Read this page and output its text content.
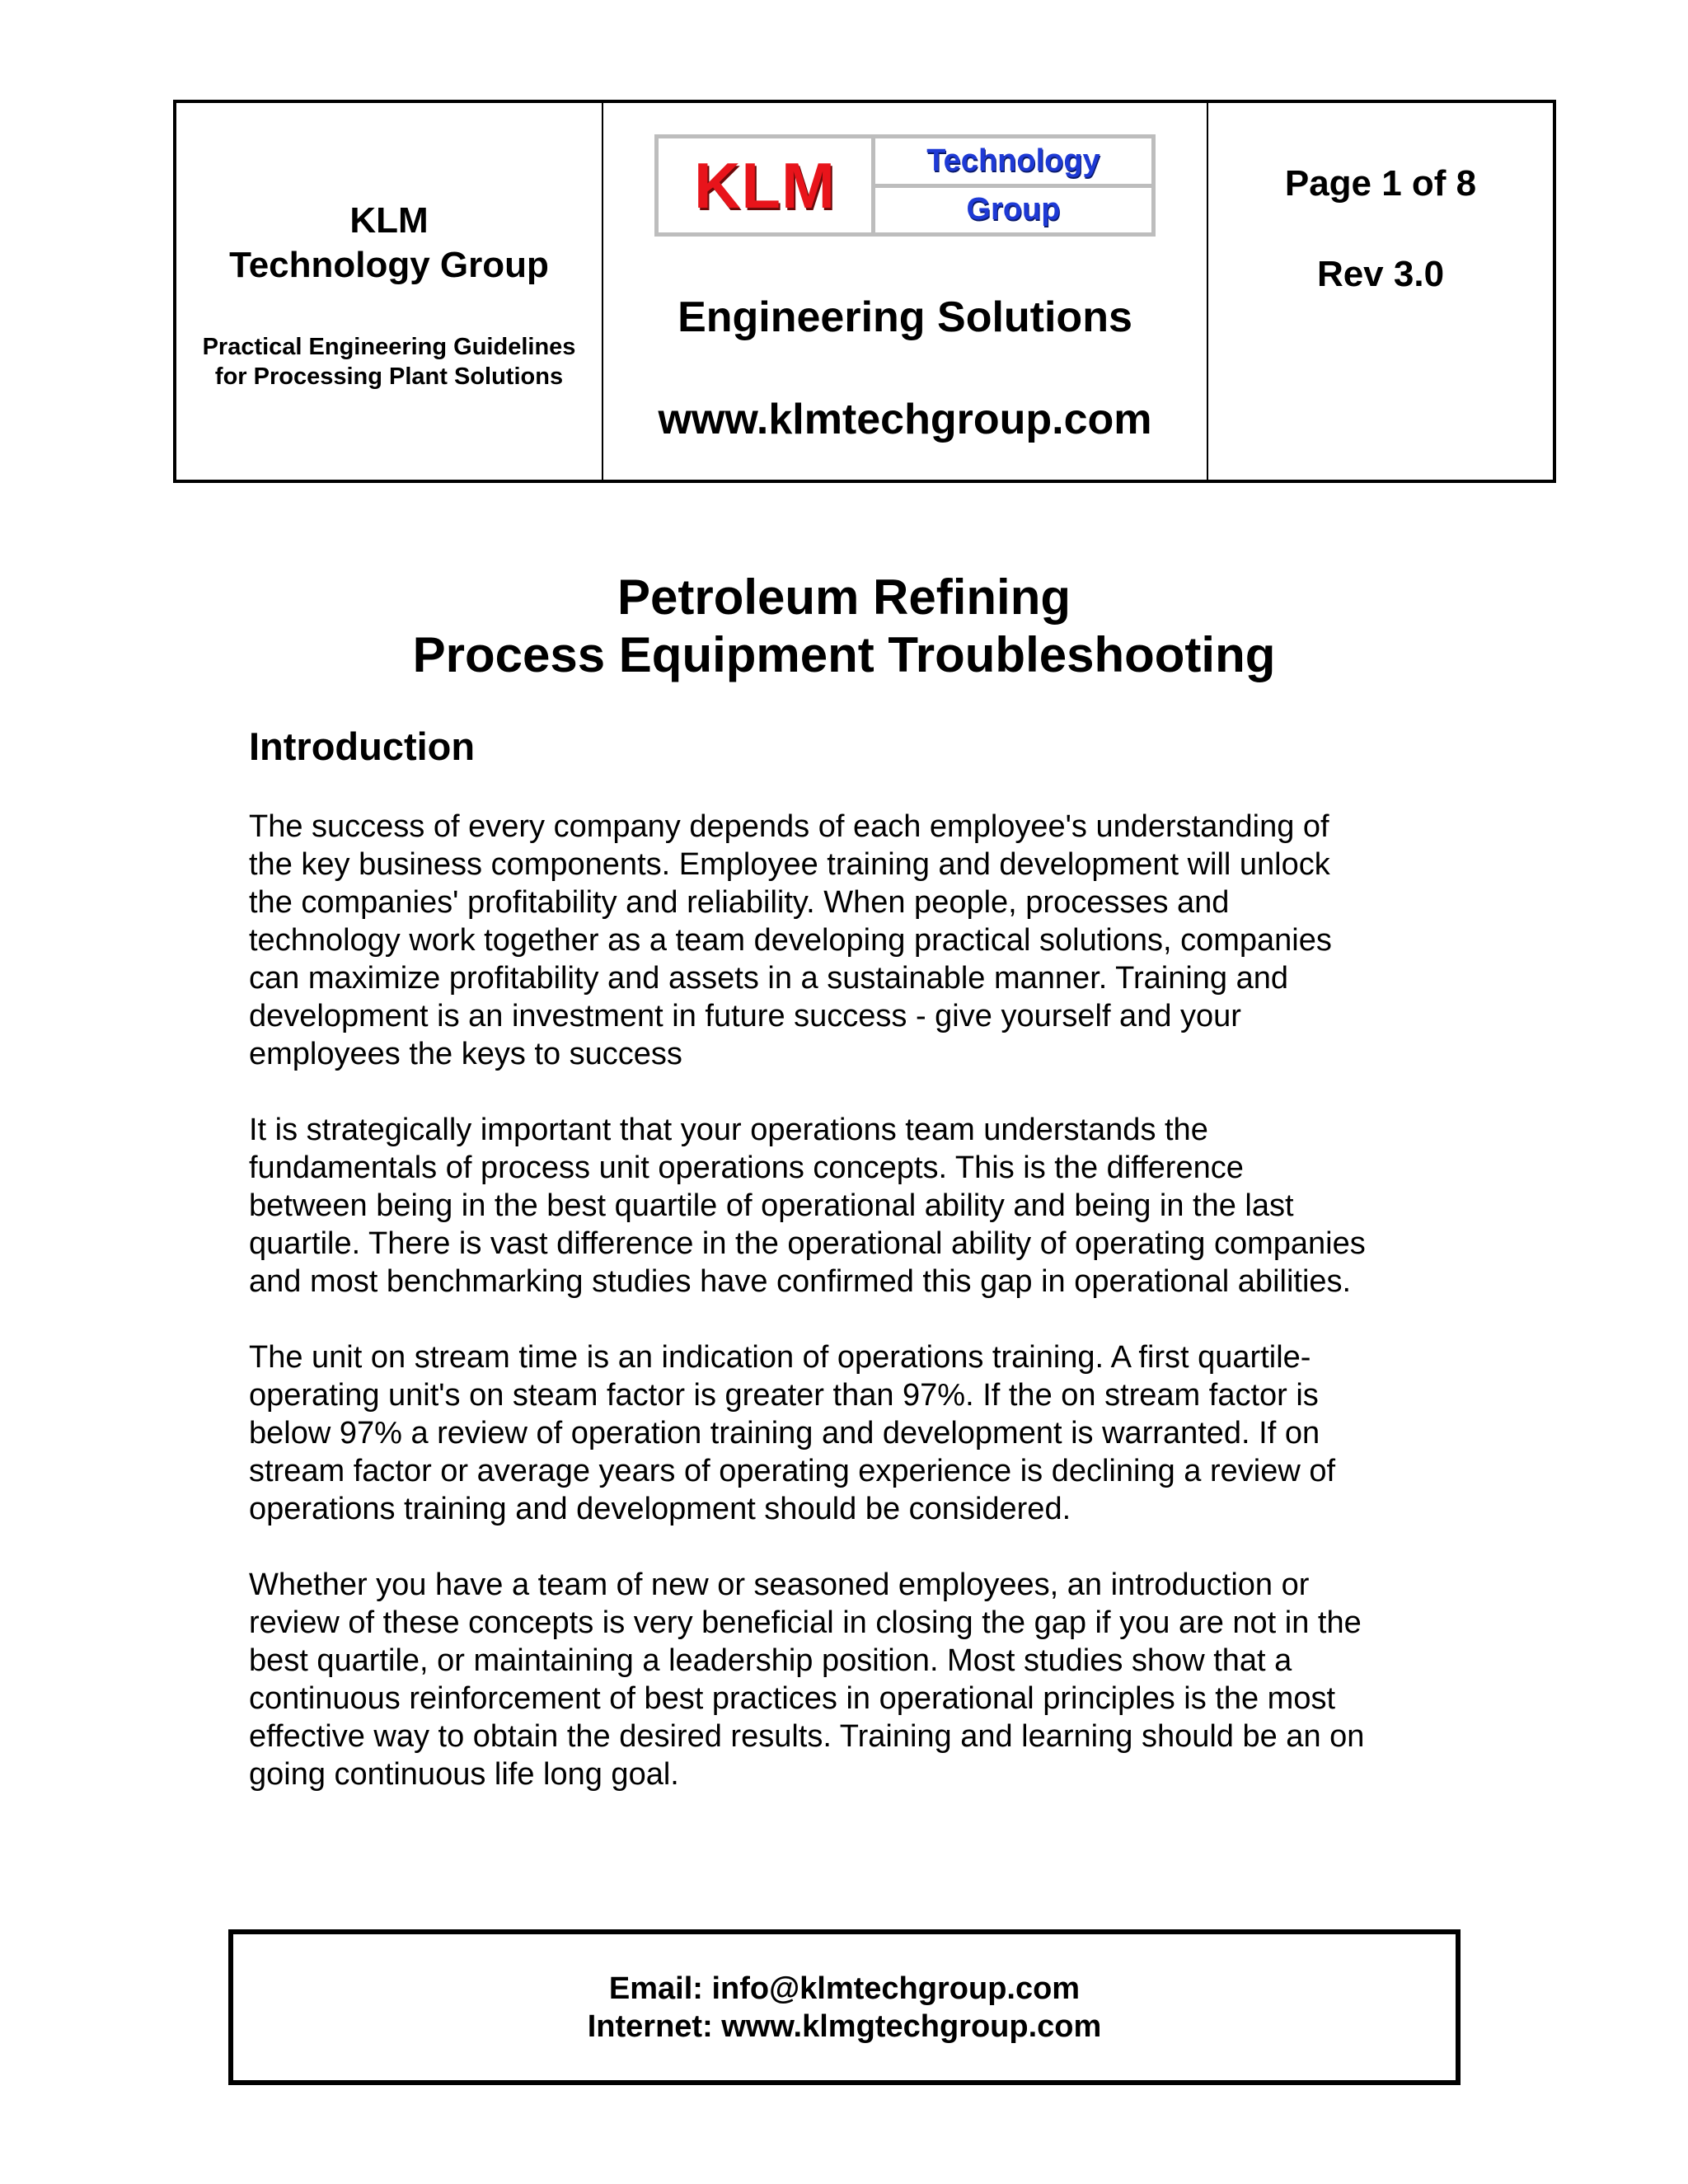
KLM
Technology Group
Practical Engineering Guidelines
for Processing Plant Solutions
KLM	Technology
Group
Engineering Solutions
www.klmtechgroup.com
Page 1 of 8
Rev 3.0
Petroleum Refining
Process Equipment Troubleshooting
Introduction

The success of every company depends of each employee's understanding of
the key business components. Employee training and development will unlock
the companies' profitability and reliability. When people, processes and
technology work together as a team developing practical solutions, companies
can maximize profitability and assets in a sustainable manner. Training and
development is an investment in future success - give yourself and your
employees the keys to success

It is strategically important that your operations team understands the
fundamentals of process unit operations concepts. This is the difference
between being in the best quartile of operational ability and being in the last
quartile. There is vast difference in the operational ability of operating companies
and most benchmarking studies have confirmed this gap in operational abilities.

The unit on stream time is an indication of operations training. A first quartile-
operating unit's on steam factor is greater than 97%. If the on stream factor is
below 97% a review of operation training and development is warranted. If on
stream factor or average years of operating experience is declining a review of
operations training and development should be considered.

Whether you have a team of new or seasoned employees, an introduction or
review of these concepts is very beneficial in closing the gap if you are not in the
best quartile, or maintaining a leadership position. Most studies show that a
continuous reinforcement of best practices in operational principles is the most
effective way to obtain the desired results. Training and learning should be an on
going continuous life long goal.

Email: info@klmtechgroup.com
Internet: www.klmgtechgroup.com
